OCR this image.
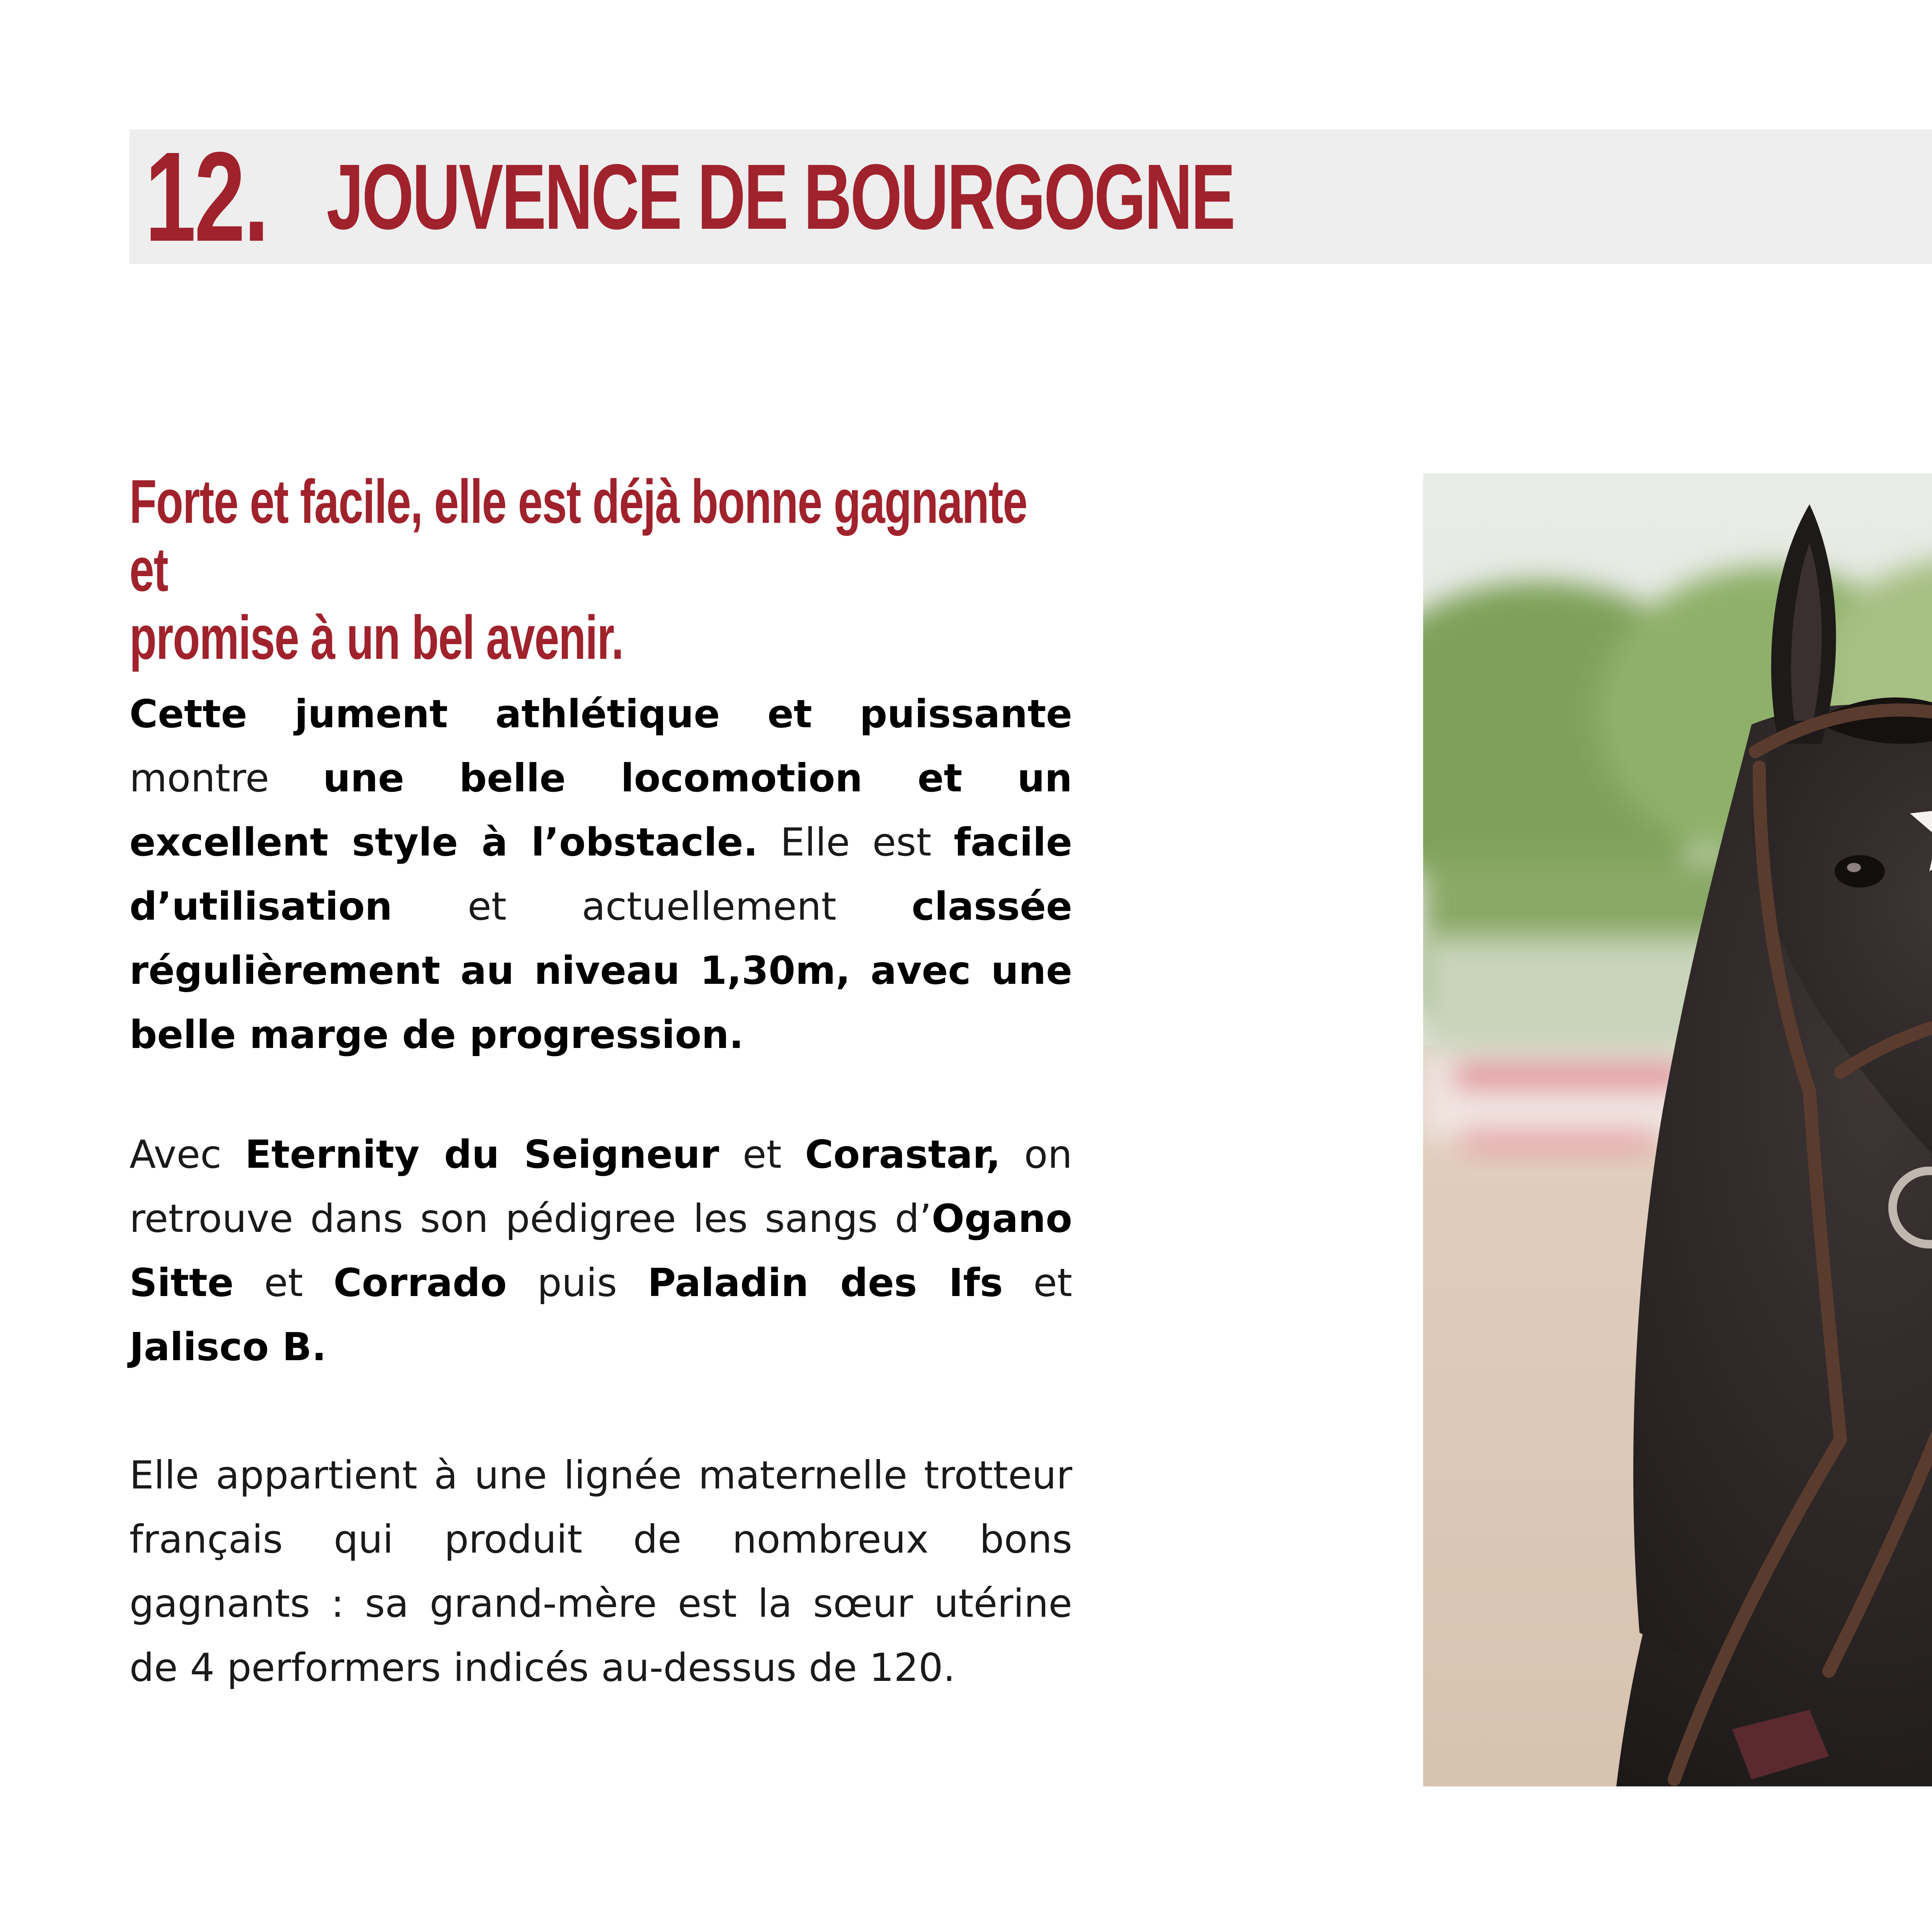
12. JOUVENCE DE BOURGOGNE
Forte et facile, elle est déjà bonne gagnante et
promise à un bel avenir.
Cette jument athlétique et puissante montre une belle locomotion et un excellent style à l’obstacle. Elle est facile d’utilisation et actuellement classée régulièrement au niveau 1,30m, avec une belle marge de progression.
Avec Eternity du Seigneur et Corastar, on retrouve dans son pédigree les sangs d’Ogano Sitte et Corrado puis Paladin des Ifs et Jalisco B.
Elle appartient à une lignée maternelle trotteur français qui produit de nombreux bons gagnants : sa grand-mère est la sœur utérine de 4 performers indicés au-dessus de 120.
